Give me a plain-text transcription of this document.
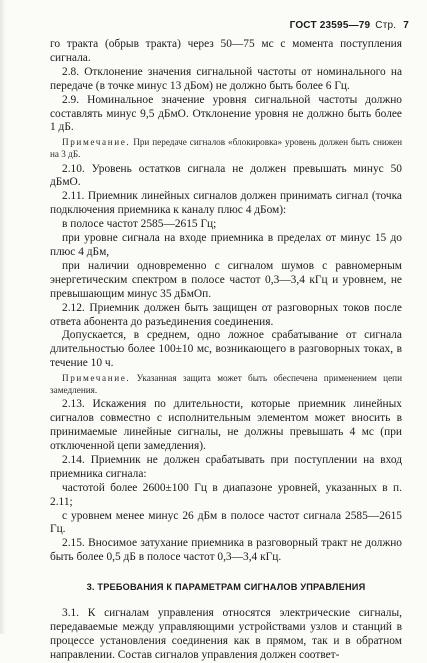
ГОСТ 23595—79 Стр. 7

го тракта (обрыв тракта) через 50—75 мс с момента поступления сигнала.

2.8. Отклонение значения сигнальной частоты от номинального на передаче (в точке минус 13 дБом) не должно быть более 6 Гц.

2.9. Номинальное значение уровня сигнальной частоты должно составлять минус 9,5 дБмО. Отклонение уровня не должно быть более 1 дБ.

Примечание. При передаче сигналов «блокировка» уровень должен быть снижен на 3 дБ.

2.10. Уровень остатков сигнала не должен превышать минус 50 дБмО.

2.11. Приемник линейных сигналов должен принимать сигнал (точка подключения приемника к каналу плюс 4 дБом):

в полосе частот 2585—2615 Гц;

при уровне сигнала на входе приемника в пределах от минус 15 до плюс 4 дБм,

при наличии одновременно с сигналом шумов с равномерным энергетическим спектром в полосе частот 0,3—3,4 кГц и уровнем, не превышающим минус 35 дБмОп.

2.12. Приемник должен быть защищен от разговорных токов после ответа абонента до разъединения соединения.

Допускается, в среднем, одно ложное срабатывание от сигнала длительностью более 100±10 мс, возникающего в разговорных токах, в течение 10 ч.

Примечание. Указанная защита может быть обеспечена применением цепи замедления.

2.13. Искажения по длительности, которые приемник линейных сигналов совместно с исполнительным элементом может вносить в принимаемые линейные сигналы, не должны превышать 4 мс (при отключенной цепи замедления).

2.14. Приемник не должен срабатывать при поступлении на вход приемника сигнала:

частотой более 2600±100 Гц в диапазоне уровней, указанных в п. 2.11;

с уровнем менее минус 26 дБм в полосе частот сигнала 2585—2615 Гц.

2.15. Вносимое затухание приемника в разговорный тракт не должно быть более 0,5 дБ в полосе частот 0,3—3,4 кГц.

3. ТРЕБОВАНИЯ К ПАРАМЕТРАМ СИГНАЛОВ УПРАВЛЕНИЯ

3.1. К сигналам управления относятся электрические сигналы, передаваемые между управляющими устройствами узлов и станций в процессе установления соединения как в прямом, так и в обратном направлении. Состав сигналов управления должен соответ-
